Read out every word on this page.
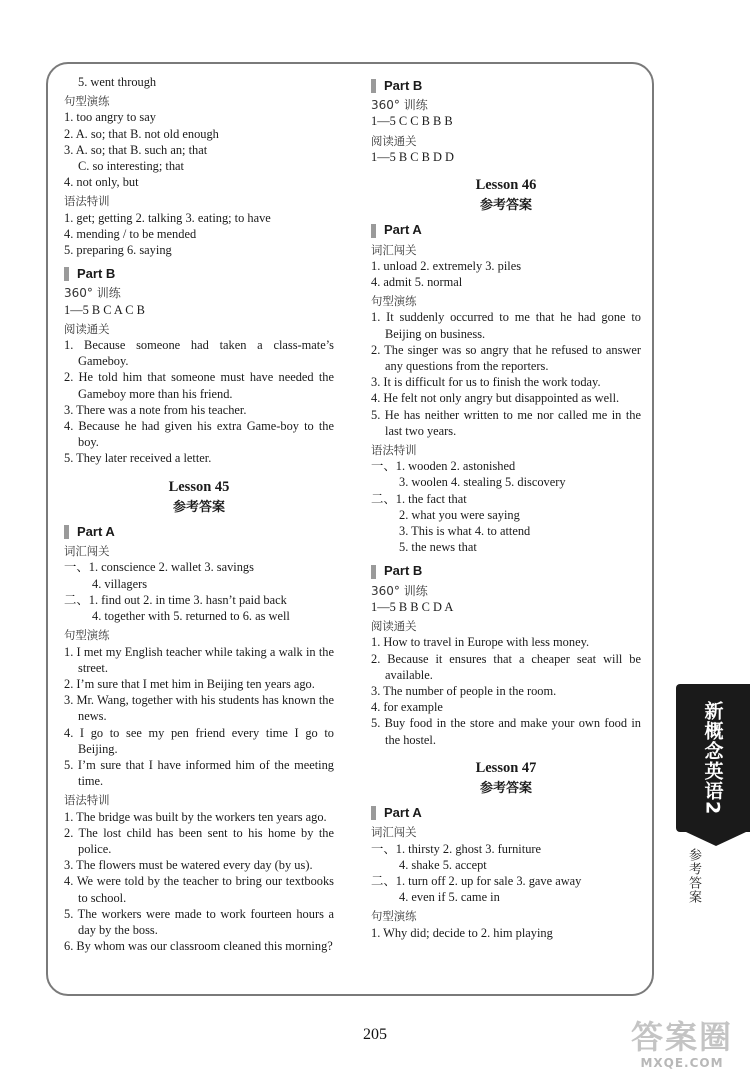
5. went through
句型演练
1. too angry to say
2. A. so; that B. not old enough
3. A. so; that B. such an; that
C. so interesting; that
4. not only, but
语法特训
1. get; getting 2. talking 3. eating; to have
4. mending / to be mended
5. preparing 6. saying
Part B
360° 训练
1—5 B C A C B
阅读通关
1. Because someone had taken a class-mate’s Gameboy.
2. He told him that someone must have needed the Gameboy more than his friend.
3. There was a note from his teacher.
4. Because he had given his extra Game-boy to the boy.
5. They later received a letter.
Lesson 45
参考答案
Part A
词汇闯关
一、1. conscience 2. wallet 3. savings
4. villagers
二、1. find out 2. in time 3. hasn’t paid back
4. together with 5. returned to 6. as well
句型演练
1. I met my English teacher while taking a walk in the street.
2. I’m sure that I met him in Beijing ten years ago.
3. Mr. Wang, together with his students has known the news.
4. I go to see my pen friend every time I go to Beijing.
5. I’m sure that I have informed him of the meeting time.
语法特训
1. The bridge was built by the workers ten years ago.
2. The lost child has been sent to his home by the police.
3. The flowers must be watered every day (by us).
4. We were told by the teacher to bring our textbooks to school.
5. The workers were made to work fourteen hours a day by the boss.
6. By whom was our classroom cleaned this morning?
Part B
360° 训练
1—5 C C B B B
阅读通关
1—5 B C B D D
Lesson 46
参考答案
Part A
词汇闯关
1. unload 2. extremely 3. piles
4. admit 5. normal
句型演练
1. It suddenly occurred to me that he had gone to Beijing on business.
2. The singer was so angry that he refused to answer any questions from the reporters.
3. It is difficult for us to finish the work today.
4. He felt not only angry but disappointed as well.
5. He has neither written to me nor called me in the last two years.
语法特训
一、1. wooden 2. astonished
3. woolen 4. stealing 5. discovery
二、1. the fact that
2. what you were saying
3. This is what 4. to attend
5. the news that
Part B
360° 训练
1—5 B B C D A
阅读通关
1. How to travel in Europe with less money.
2. Because it ensures that a cheaper seat will be available.
3. The number of people in the room.
4. for example
5. Buy food in the store and make your own food in the hostel.
Lesson 47
参考答案
Part A
词汇闯关
一、1. thirsty 2. ghost 3. furniture
4. shake 5. accept
二、1. turn off 2. up for sale 3. gave away
4. even if 5. came in
句型演练
1. Why did; decide to 2. him playing
新概念英语2
参考答案
205	答案圈
MXQE.COM
